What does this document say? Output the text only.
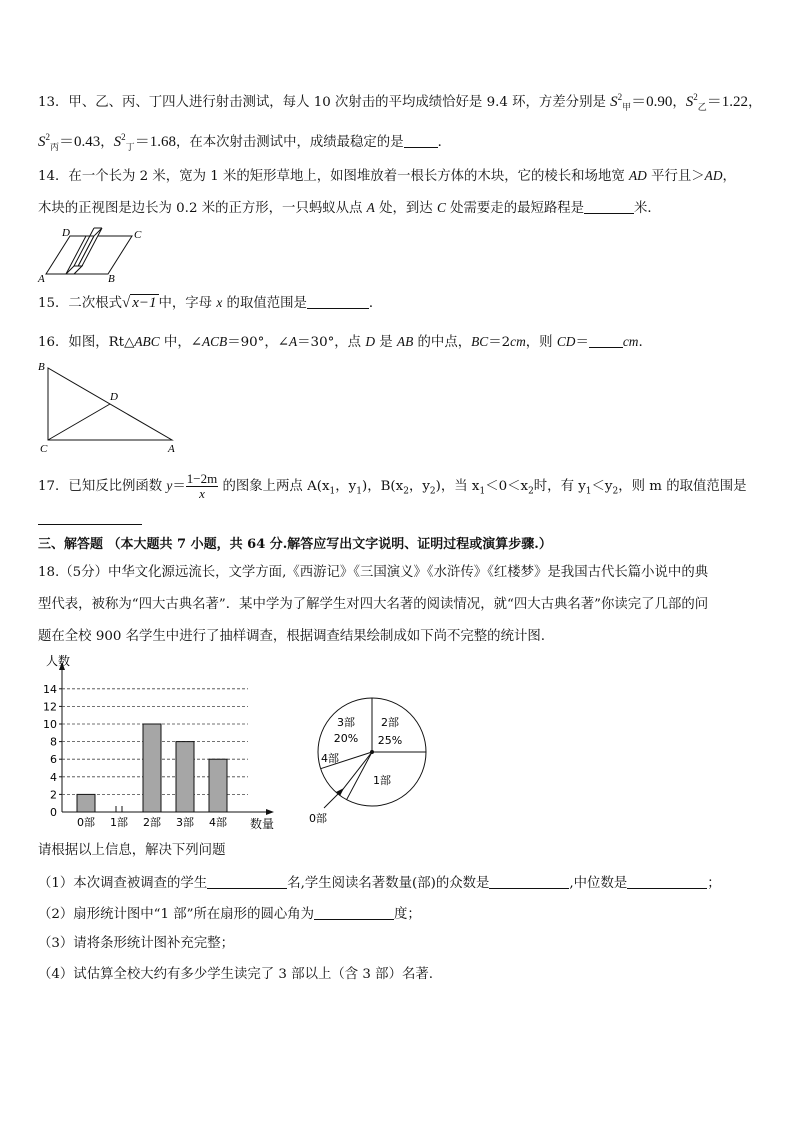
13．甲、乙、丙、丁四人进行射击测试，每人 10 次射击的平均成绩恰好是 9.4 环，方差分别是 $S^2_甲=0.90$，$S^2_乙=1.22$，
$S^2_丙=0.43$，$S^2_丁=1.68$，在本次射击测试中，成绩最稳定的是	．
14．在一个长为 2 米，宽为 1 米的矩形草地上，如图堆放着一根长方体的木块，它的棱长和场地宽 AD 平行且＞AD，
木块的正视图是边长为 0.2 米的正方形，一只蚂蚁从点 A 处，到达 C 处需要走的最短路程是	米．
D	C
A	B
15．二次根式√ x−1 中，字母 x 的取值范围是	．
16．如图，Rt△ABC 中，∠ACB＝90°，∠A＝30°，点 D 是 AB 的中点，BC＝2cm，则 CD＝	cm.
B
D
C	A
17．已知反比例函数 $y= \frac{1-2m}{x}$ 的图象上两点 $A(x_1$，$y_1$)，$B(x_2$，$y_2$)，当 $x_1<0<x_2$时，有 $y_1<y_2$，则 m 的取值范围是
三、解答题 （本大题共 7 小题，共 64 分.解答应写出文字说明、证明过程或演算步骤.）
18.（5分）中华文化源远流长，文学方面,《西游记》《三国演义》《水浒传》《红楼梦》是我国古代长篇小说中的典
型代表，被称为“四大古典名著”．某中学为了解学生对四大名著的阅读情况，就“四大古典名著”你读完了几部的问
题在全校 900 名学生中进行了抽样调查，根据调查结果绘制成如下尚不完整的统计图.
人数
数量
0
2
4
6
8
10
12
14
0部 1部 2部 3部 4部
2部
25%
1部
0部
4部
3部
20%
请根据以上信息，解决下列问题
（1）本次调查被调查的学生	名,学生阅读名著数量(部)的众数是	,中位数是	；
（2）扇形统计图中“1 部”所在扇形的圆心角为	度；
（3）请将条形统计图补充完整；
（4）试估算全校大约有多少学生读完了 3 部以上（含 3 部）名著.
